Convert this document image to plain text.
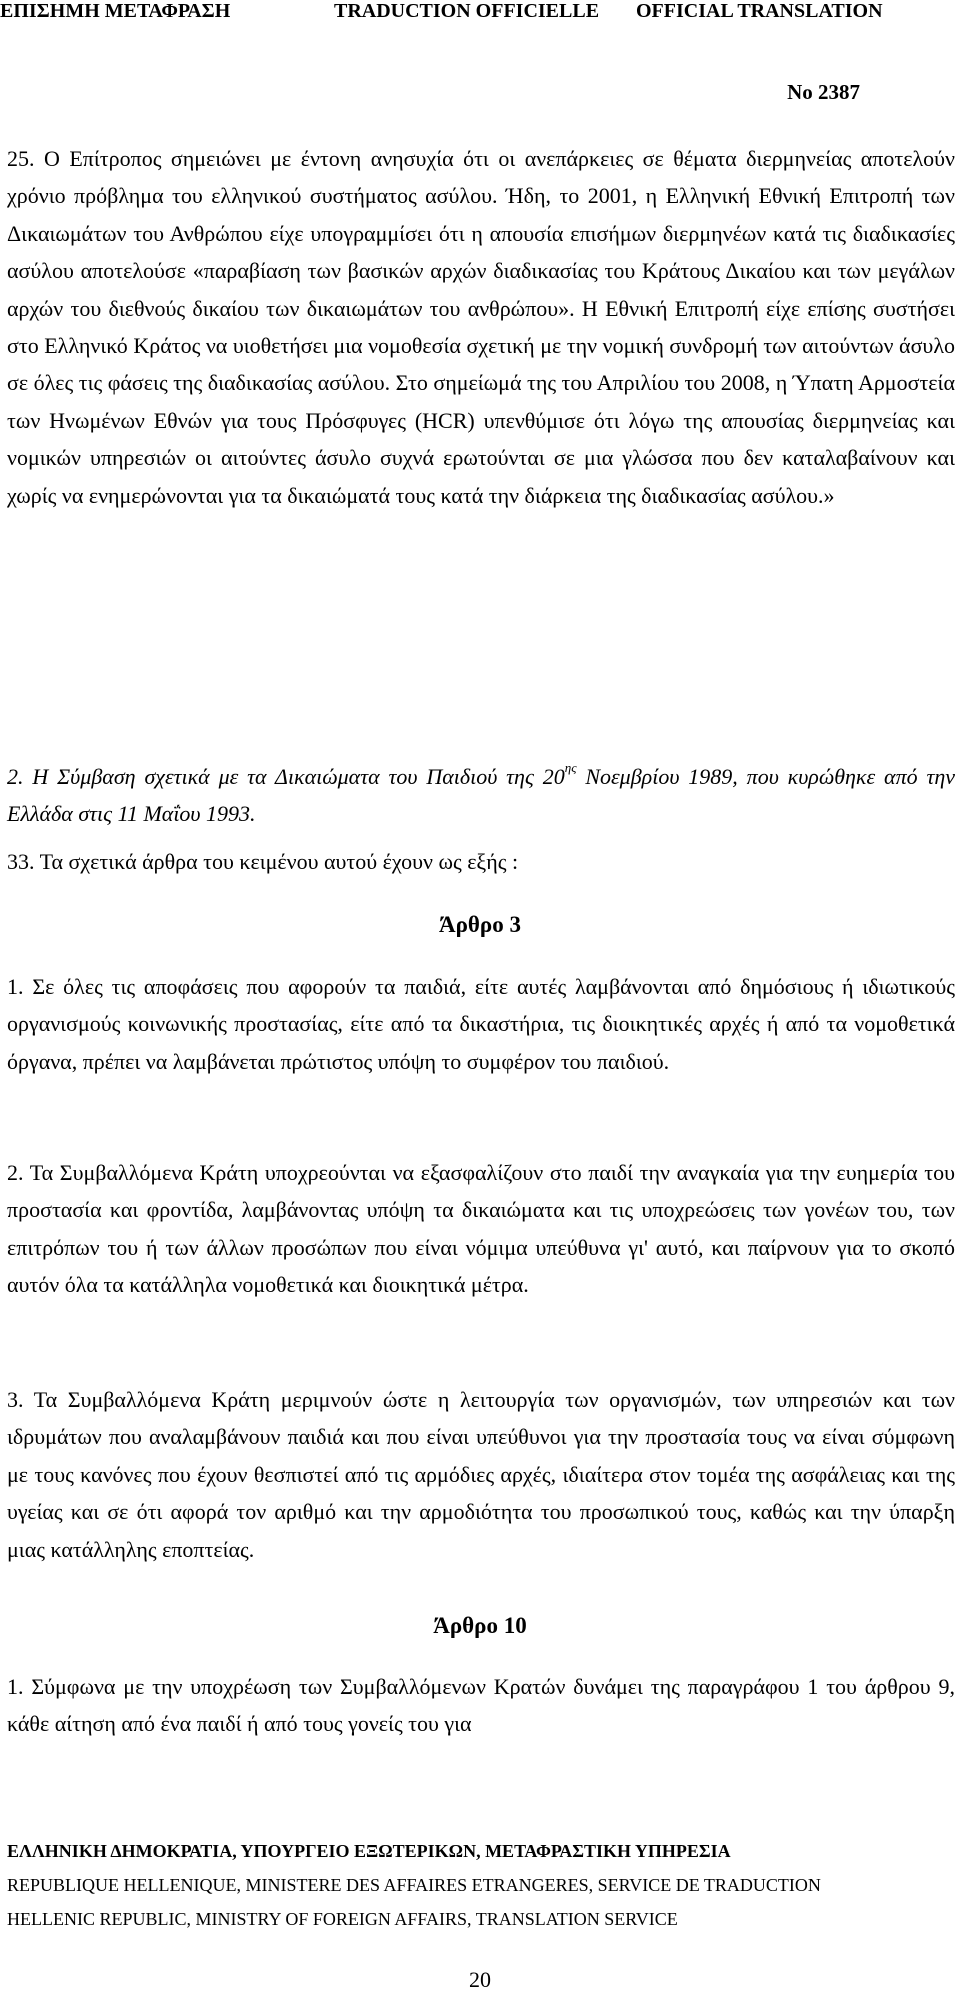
ΕΠΙΣΗΜΗ ΜΕΤΑΦΡΑΣΗ	TRADUCTION OFFICIELLE OFFICIAL TRANSLATION
No 2387

25. Ο Επίτροπος σημειώνει με έντονη ανησυχία ότι οι ανεπάρκειες σε θέματα διερμηνείας αποτελούν χρόνιο πρόβλημα του ελληνικού συστήματος ασύλου. Ήδη, το 2001, η Ελληνική Εθνική Επιτροπή των Δικαιωμάτων του Ανθρώπου είχε υπογραμμίσει ότι η απουσία επισήμων διερμηνέων κατά τις διαδικασίες ασύλου αποτελούσε «παραβίαση των βασικών αρχών διαδικασίας του Κράτους Δικαίου και των μεγάλων αρχών του διεθνούς δικαίου των δικαιωμάτων του ανθρώπου». Η Εθνική Επιτροπή είχε επίσης συστήσει στο Ελληνικό Κράτος να υιοθετήσει μια νομοθεσία σχετική με την νομική συνδρομή των αιτούντων άσυλο σε όλες τις φάσεις της διαδικασίας ασύλου. Στο σημείωμά της του Απριλίου του 2008, η Ύπατη Αρμοστεία των Ηνωμένων Εθνών για τους Πρόσφυγες (HCR) υπενθύμισε ότι λόγω της απουσίας διερμηνείας και νομικών υπηρεσιών οι αιτούντες άσυλο συχνά ερωτούνται σε μια γλώσσα που δεν καταλαβαίνουν και χωρίς να ενημερώνονται για τα δικαιώματά τους κατά την διάρκεια της διαδικασίας ασύλου.»

2. Η Σύμβαση σχετικά με τα Δικαιώματα του Παιδιού της $20^{\eta\varsigma}$ Νοεμβρίου 1989, που κυρώθηκε από την Ελλάδα στις 11 Μαΐου 1993.

33. Τα σχετικά άρθρα του κειμένου αυτού έχουν ως εξής :

Άρθρο 3

1. Σε όλες τις αποφάσεις που αφορούν τα παιδιά, είτε αυτές λαμβάνονται από δημόσιους ή ιδιωτικούς οργανισμούς κοινωνικής προστασίας, είτε από τα δικαστήρια, τις διοικητικές αρχές ή από τα νομοθετικά όργανα, πρέπει να λαμβάνεται πρώτιστος υπόψη το συμφέρον του παιδιού.

2. Τα Συμβαλλόμενα Κράτη υποχρεούνται να εξασφαλίζουν στο παιδί την αναγκαία για την ευημερία του προστασία και φροντίδα, λαμβάνοντας υπόψη τα δικαιώματα και τις υποχρεώσεις των γονέων του, των επιτρόπων του ή των άλλων προσώπων που είναι νόμιμα υπεύθυνα γι' αυτό, και παίρνουν για το σκοπό αυτόν όλα τα κατάλληλα νομοθετικά και διοικητικά μέτρα.

3. Τα Συμβαλλόμενα Κράτη μεριμνούν ώστε η λειτουργία των οργανισμών, των υπηρεσιών και των ιδρυμάτων που αναλαμβάνουν παιδιά και που είναι υπεύθυνοι για την προστασία τους να είναι σύμφωνη με τους κανόνες που έχουν θεσπιστεί από τις αρμόδιες αρχές, ιδιαίτερα στον τομέα της ασφάλειας και της υγείας και σε ότι αφορά τον αριθμό και την αρμοδιότητα του προσωπικού τους, καθώς και την ύπαρξη μιας κατάλληλης εποπτείας.

Άρθρο 10

1. Σύμφωνα με την υποχρέωση των Συμβαλλόμενων Κρατών δυνάμει της παραγράφου 1 του άρθρου 9, κάθε αίτηση από ένα παιδί ή από τους γονείς του για

ΕΛΛΗΝΙΚΗ ΔΗΜΟΚΡΑΤΙΑ, ΥΠΟΥΡΓΕΙΟ ΕΞΩΤΕΡΙΚΩΝ, ΜΕΤΑΦΡΑΣΤΙΚΗ ΥΠΗΡΕΣΙΑ
REPUBLIQUE HELLENIQUE, MINISTERE DES AFFAIRES ETRANGERES, SERVICE DE TRADUCTION
HELLENIC REPUBLIC, MINISTRY OF FOREIGN AFFAIRS, TRANSLATION SERVICE
20
